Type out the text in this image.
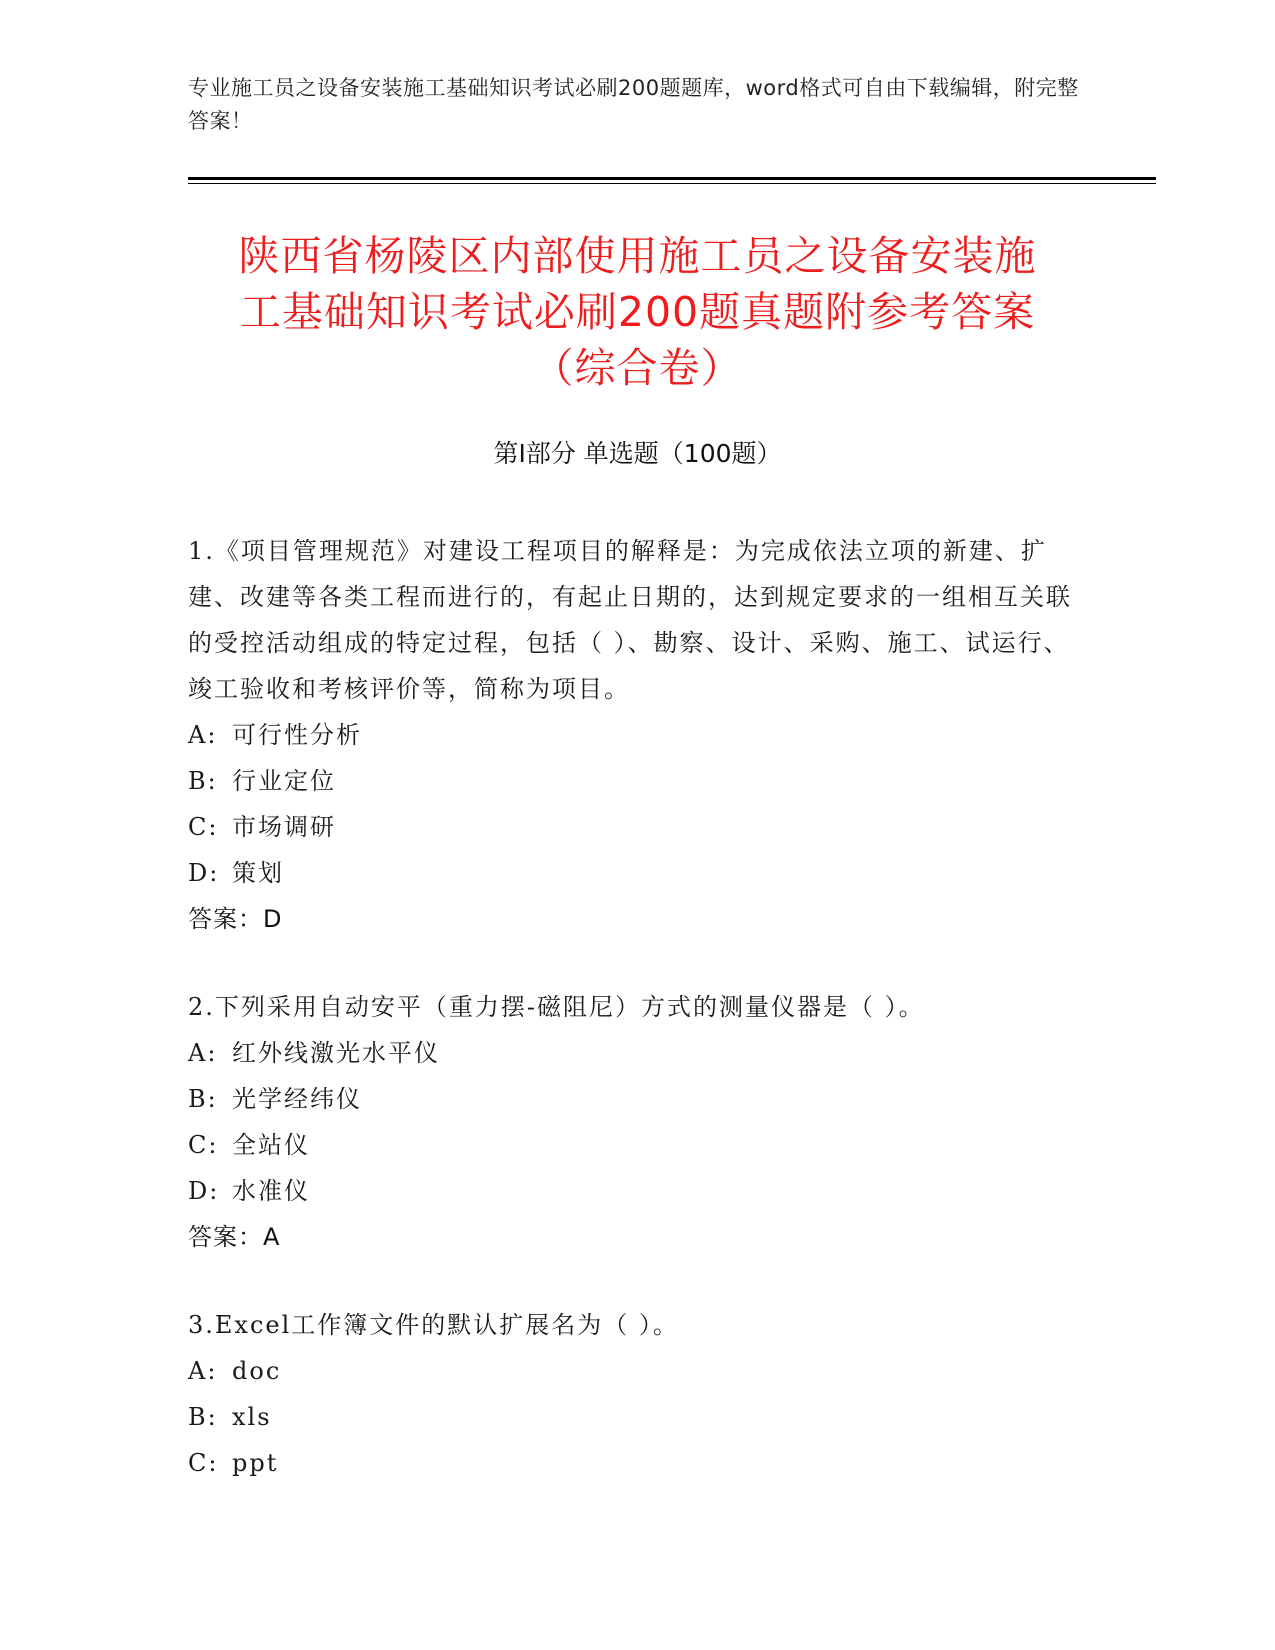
专业施工员之设备安装施工基础知识考试必刷200题题库，word格式可自由下载编辑，附完整答案！
陕西省杨陵区内部使用施工员之设备安装施
工基础知识考试必刷200题真题附参考答案
（综合卷）
第Ⅰ部分 单选题（100题）
1.《项目管理规范》对建设工程项目的解释是：为完成依法立项的新建、扩建、改建等各类工程而进行的，有起止日期的，达到规定要求的一组相互关联的受控活动组成的特定过程，包括（ ）、勘察、设计、采购、施工、试运行、竣工验收和考核评价等，简称为项目。
A: 可行性分析
B: 行业定位
C: 市场调研
D: 策划
答案：D
2.下列采用自动安平（重力摆-磁阻尼）方式的测量仪器是（ ）。
A: 红外线激光水平仪
B: 光学经纬仪
C: 全站仪
D: 水准仪
答案：A
3.Excel工作簿文件的默认扩展名为（ ）。
A: doc
B: xls
C: ppt
